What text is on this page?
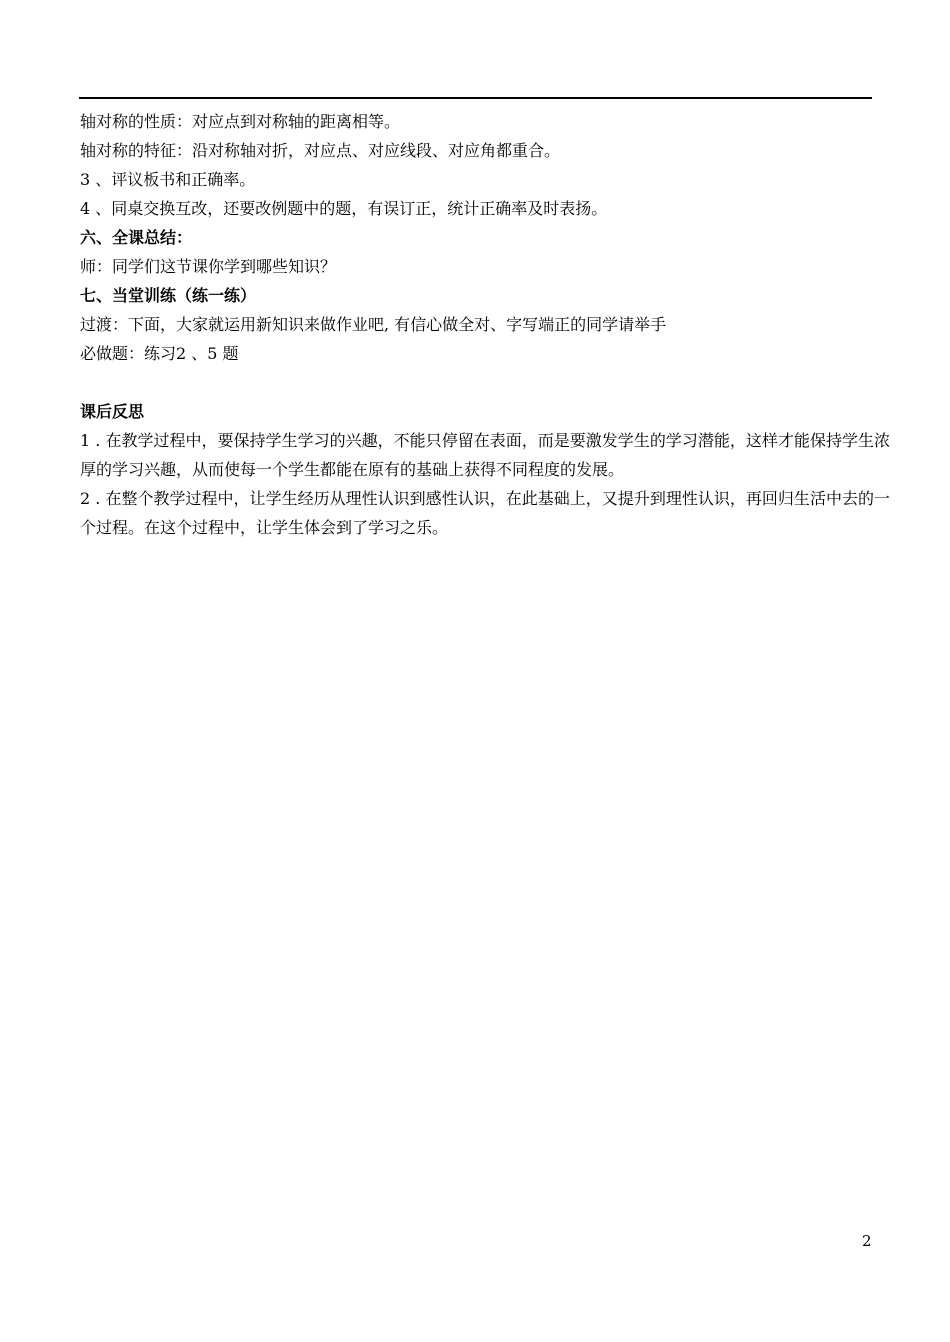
轴对称的性质：对应点到对称轴的距离相等。

轴对称的特征：沿对称轴对折，对应点、对应线段、对应角都重合。

3 、评议板书和正确率。

4 、同桌交换互改，还要改例题中的题，有误订正，统计正确率及时表扬。

六、全课总结：

师：同学们这节课你学到哪些知识？

七、当堂训练（练一练）

过渡：下面，大家就运用新知识来做作业吧, 有信心做全对、字写端正的同学请举手

必做题：练习2 、5 题

课后反思

1 . 在教学过程中，要保持学生学习的兴趣，不能只停留在表面，而是要激发学生的学习潜能，这样才能保持学生浓厚的学习兴趣，从而使每一个学生都能在原有的基础上获得不同程度的发展。

2 . 在整个教学过程中，让学生经历从理性认识到感性认识，在此基础上，又提升到理性认识，再回归生活中去的一个过程。在这个过程中，让学生体会到了学习之乐。

2
